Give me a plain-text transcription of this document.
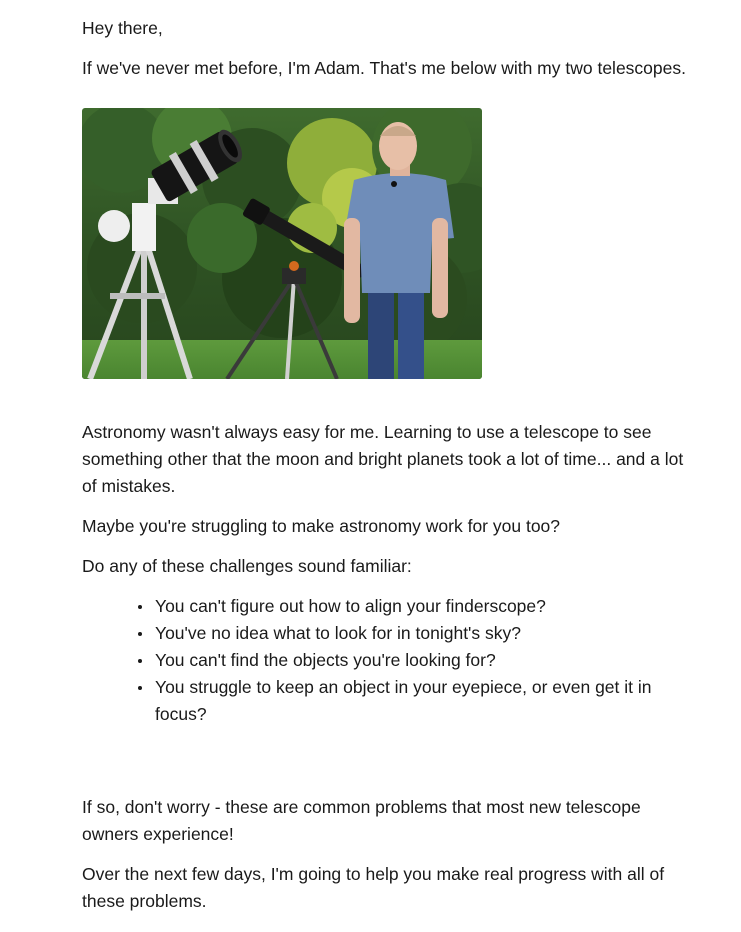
Hey there,

If we've never met before, I'm Adam. That's me below with my two telescopes.

Astronomy wasn't always easy for me. Learning to use a telescope to see something other that the moon and bright planets took a lot of time... and a lot of mistakes.

Maybe you're struggling to make astronomy work for you too?

Do any of these challenges sound familiar:

You can't figure out how to align your finderscope?
You've no idea what to look for in tonight's sky?
You can't find the objects you're looking for?
You struggle to keep an object in your eyepiece, or even get it in focus?

If so, don't worry - these are common problems that most new telescope owners experience!

Over the next few days, I'm going to help you make real progress with all of these problems.
